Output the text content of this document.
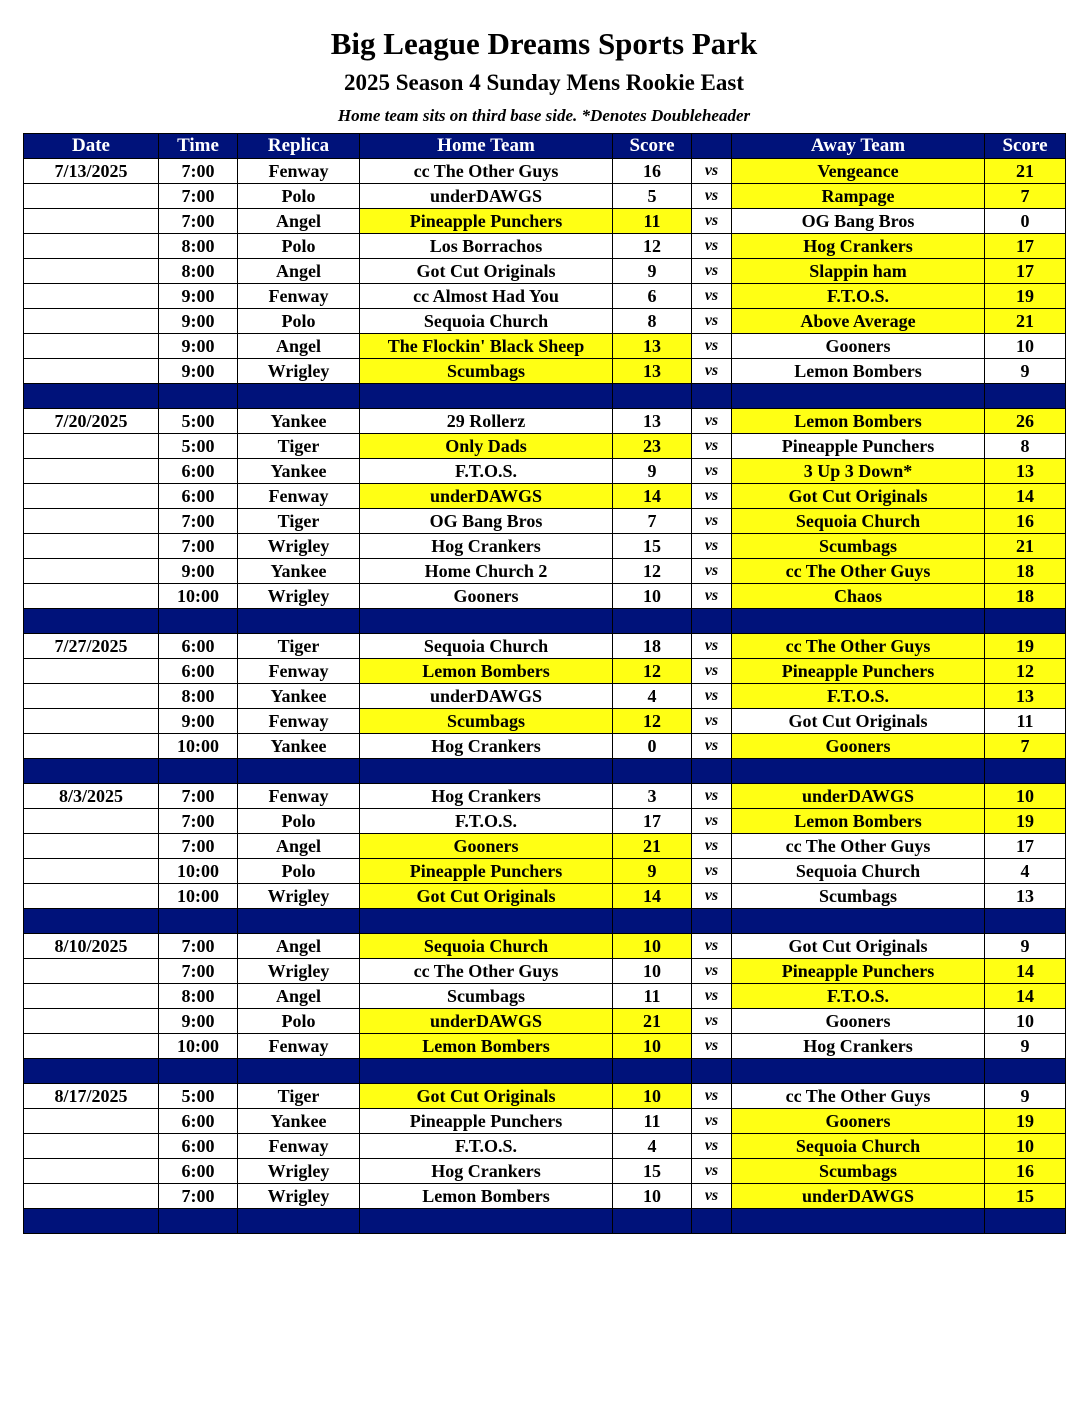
Big League Dreams Sports Park
2025 Season 4 Sunday Mens Rookie East
Home team sits on third base side. *Denotes Doubleheader
Date	Time	Replica	Home Team	Score		Away Team	Score
7/13/2025	7:00	Fenway	cc The Other Guys	16	vs	Vengeance	21
	7:00	Polo	underDAWGS	5	vs	Rampage	7
	7:00	Angel	Pineapple Punchers	11	vs	OG Bang Bros	0
	8:00	Polo	Los Borrachos	12	vs	Hog Crankers	17
	8:00	Angel	Got Cut Originals	9	vs	Slappin ham	17
	9:00	Fenway	cc Almost Had You	6	vs	F.T.O.S.	19
	9:00	Polo	Sequoia Church	8	vs	Above Average	21
	9:00	Angel	The Flockin' Black Sheep	13	vs	Gooners	10
	9:00	Wrigley	Scumbags	13	vs	Lemon Bombers	9

7/20/2025	5:00	Yankee	29 Rollerz	13	vs	Lemon Bombers	26
	5:00	Tiger	Only Dads	23	vs	Pineapple Punchers	8
	6:00	Yankee	F.T.O.S.	9	vs	3 Up 3 Down*	13
	6:00	Fenway	underDAWGS	14	vs	Got Cut Originals	14
	7:00	Tiger	OG Bang Bros	7	vs	Sequoia Church	16
	7:00	Wrigley	Hog Crankers	15	vs	Scumbags	21
	9:00	Yankee	Home Church 2	12	vs	cc The Other Guys	18
	10:00	Wrigley	Gooners	10	vs	Chaos	18

7/27/2025	6:00	Tiger	Sequoia Church	18	vs	cc The Other Guys	19
	6:00	Fenway	Lemon Bombers	12	vs	Pineapple Punchers	12
	8:00	Yankee	underDAWGS	4	vs	F.T.O.S.	13
	9:00	Fenway	Scumbags	12	vs	Got Cut Originals	11
	10:00	Yankee	Hog Crankers	0	vs	Gooners	7

8/3/2025	7:00	Fenway	Hog Crankers	3	vs	underDAWGS	10
	7:00	Polo	F.T.O.S.	17	vs	Lemon Bombers	19
	7:00	Angel	Gooners	21	vs	cc The Other Guys	17
	10:00	Polo	Pineapple Punchers	9	vs	Sequoia Church	4
	10:00	Wrigley	Got Cut Originals	14	vs	Scumbags	13

8/10/2025	7:00	Angel	Sequoia Church	10	vs	Got Cut Originals	9
	7:00	Wrigley	cc The Other Guys	10	vs	Pineapple Punchers	14
	8:00	Angel	Scumbags	11	vs	F.T.O.S.	14
	9:00	Polo	underDAWGS	21	vs	Gooners	10
	10:00	Fenway	Lemon Bombers	10	vs	Hog Crankers	9

8/17/2025	5:00	Tiger	Got Cut Originals	10	vs	cc The Other Guys	9
	6:00	Yankee	Pineapple Punchers	11	vs	Gooners	19
	6:00	Fenway	F.T.O.S.	4	vs	Sequoia Church	10
	6:00	Wrigley	Hog Crankers	15	vs	Scumbags	16
	7:00	Wrigley	Lemon Bombers	10	vs	underDAWGS	15
